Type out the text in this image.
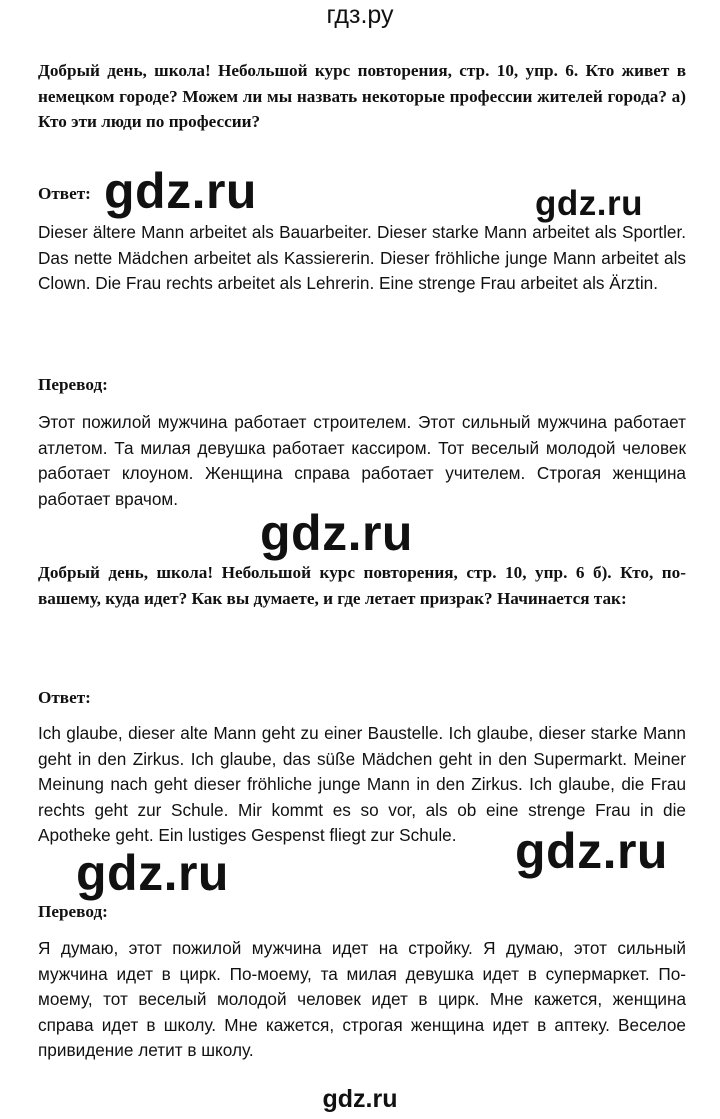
гдз.ру
Добрый день, школа! Небольшой курс повторения, стр. 10, упр. 6. Кто живет в немецком городе? Можем ли мы назвать некоторые профессии жителей города? а) Кто эти люди по профессии?
Ответ: gdz.ru	gdz.ru
Dieser ältere Mann arbeitet als Bauarbeiter. Dieser starke Mann arbeitet als Sportler. Das nette Mädchen arbeitet als Kassiererin. Dieser fröhliche junge Mann arbeitet als Clown. Die Frau rechts arbeitet als Lehrerin. Eine strenge Frau arbeitet als Ärztin.
Перевод:
Этот пожилой мужчина работает строителем. Этот сильный мужчина работает атлетом. Та милая девушка работает кассиром. Тот веселый молодой человек работает клоуном. Женщина справа работает учителем. Строгая женщина работает врачом.
gdz.ru
Добрый день, школа! Небольшой курс повторения, стр. 10, упр. 6 б). Кто, по-вашему, куда идет? Как вы думаете, и где летает призрак? Начинается так:
Ответ:
Ich glaube, dieser alte Mann geht zu einer Baustelle. Ich glaube, dieser starke Mann geht in den Zirkus. Ich glaube, das süße Mädchen geht in den Supermarkt. Meiner Meinung nach geht dieser fröhliche junge Mann in den Zirkus. Ich glaube, die Frau rechts geht zur Schule. Mir kommt es so vor, als ob eine strenge Frau in die Apotheke geht. Ein lustiges Gespenst fliegt zur Schule.	gdz.ru
gdz.ru
Перевод:
Я думаю, этот пожилой мужчина идет на стройку. Я думаю, этот сильный мужчина идет в цирк. По-моему, та милая девушка идет в супермаркет. По-моему, тот веселый молодой человек идет в цирк. Мне кажется, женщина справа идет в школу. Мне кажется, строгая женщина идет в аптеку. Веселое привидение летит в школу.
gdz.ru
